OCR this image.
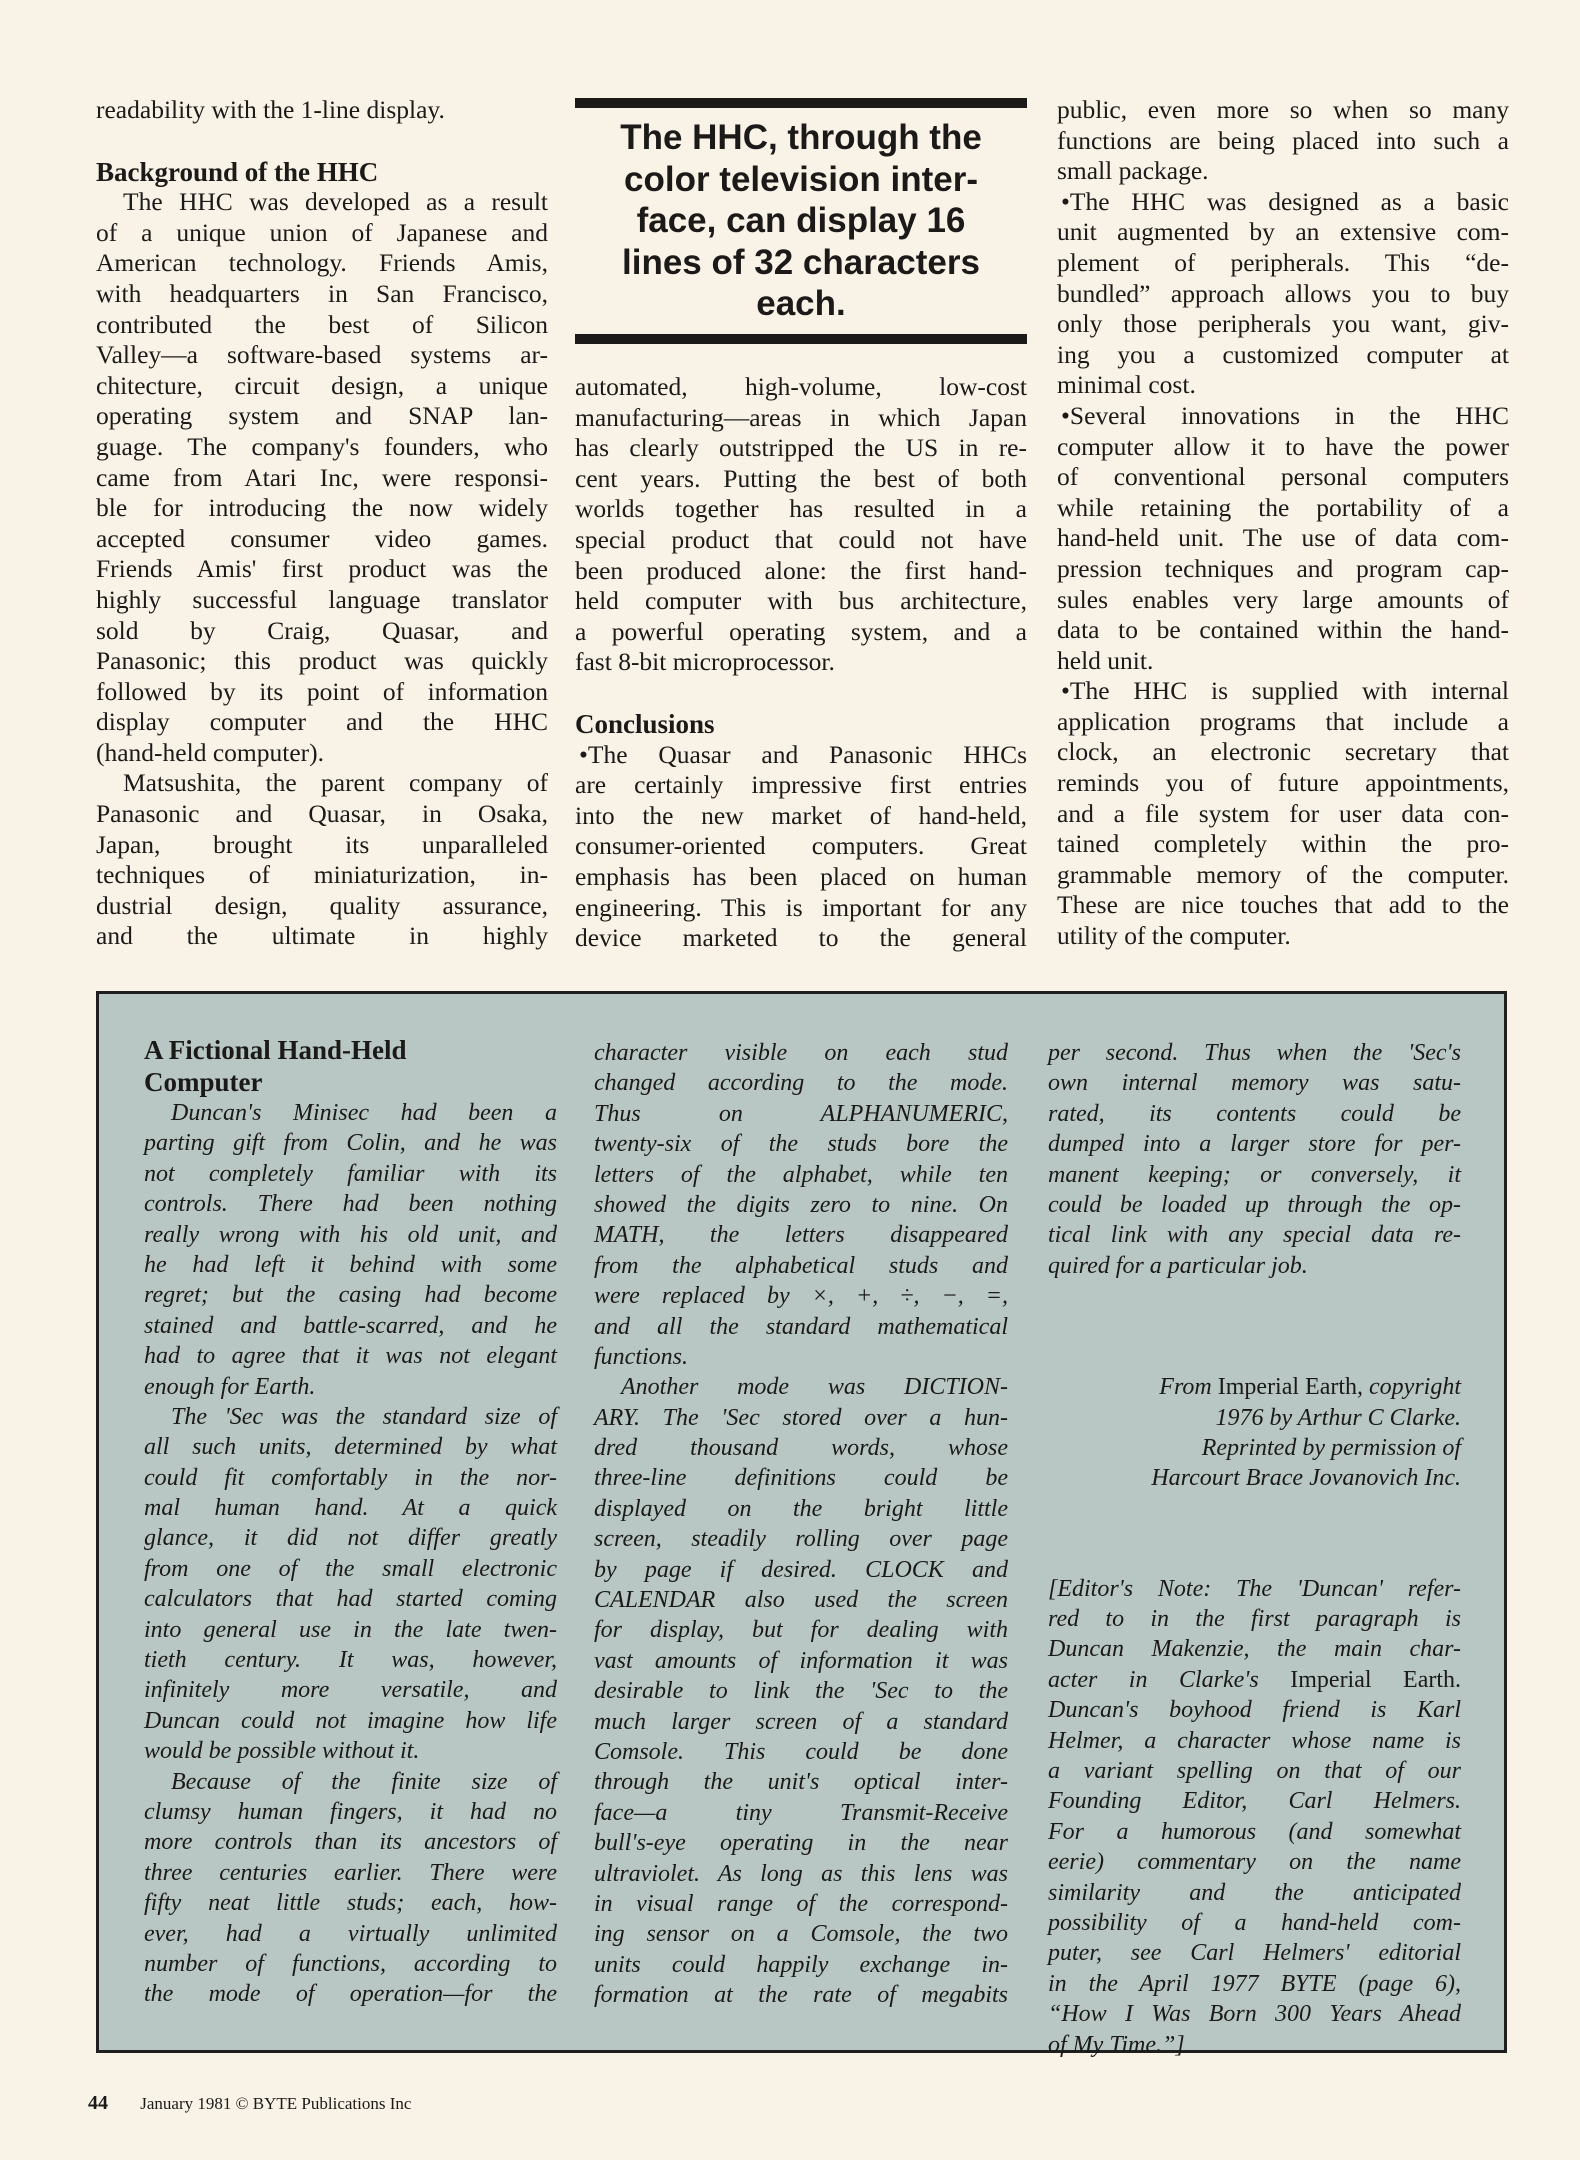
readability with the 1-line display.
Background of the HHC
The HHC was developed as a result
of a unique union of Japanese and
American technology. Friends Amis,
with headquarters in San Francisco,
contributed the best of Silicon
Valley—a software-based systems ar-
chitecture, circuit design, a unique
operating system and SNAP lan-
guage. The company's founders, who
came from Atari Inc, were responsi-
ble for introducing the now widely
accepted consumer video games.
Friends Amis' first product was the
highly successful language translator
sold by Craig, Quasar, and
Panasonic; this product was quickly
followed by its point of information
display computer and the HHC
(hand-held computer).
Matsushita, the parent company of
Panasonic and Quasar, in Osaka,
Japan, brought its unparalleled
techniques of miniaturization, in-
dustrial design, quality assurance,
and the ultimate in highly
The HHC, through the
color television inter-
face, can display 16
lines of 32 characters
each.
automated, high-volume, low-cost
manufacturing—areas in which Japan
has clearly outstripped the US in re-
cent years. Putting the best of both
worlds together has resulted in a
special product that could not have
been produced alone: the first hand-
held computer with bus architecture,
a powerful operating system, and a
fast 8-bit microprocessor.
Conclusions
•The Quasar and Panasonic HHCs
are certainly impressive first entries
into the new market of hand-held,
consumer-oriented computers. Great
emphasis has been placed on human
engineering. This is important for any
device marketed to the general
public, even more so when so many
functions are being placed into such a
small package.
•The HHC was designed as a basic
unit augmented by an extensive com-
plement of peripherals. This “de-
bundled” approach allows you to buy
only those peripherals you want, giv-
ing you a customized computer at
minimal cost.
•Several innovations in the HHC
computer allow it to have the power
of conventional personal computers
while retaining the portability of a
hand-held unit. The use of data com-
pression techniques and program cap-
sules enables very large amounts of
data to be contained within the hand-
held unit.
•The HHC is supplied with internal
application programs that include a
clock, an electronic secretary that
reminds you of future appointments,
and a file system for user data con-
tained completely within the pro-
grammable memory of the computer.
These are nice touches that add to the
utility of the computer.
A Fictional Hand-Held
Computer
Duncan's Minisec had been a
parting gift from Colin, and he was
not completely familiar with its
controls. There had been nothing
really wrong with his old unit, and
he had left it behind with some
regret; but the casing had become
stained and battle-scarred, and he
had to agree that it was not elegant
enough for Earth.
The 'Sec was the standard size of
all such units, determined by what
could fit comfortably in the nor-
mal human hand. At a quick
glance, it did not differ greatly
from one of the small electronic
calculators that had started coming
into general use in the late twen-
tieth century. It was, however,
infinitely more versatile, and
Duncan could not imagine how life
would be possible without it.
Because of the finite size of
clumsy human fingers, it had no
more controls than its ancestors of
three centuries earlier. There were
fifty neat little studs; each, how-
ever, had a virtually unlimited
number of functions, according to
the mode of operation—for the
character visible on each stud
changed according to the mode.
Thus on ALPHANUMERIC,
twenty-six of the studs bore the
letters of the alphabet, while ten
showed the digits zero to nine. On
MATH, the letters disappeared
from the alphabetical studs and
were replaced by ×, +, ÷, −, =,
and all the standard mathematical
functions.
Another mode was DICTION-
ARY. The 'Sec stored over a hun-
dred thousand words, whose
three-line definitions could be
displayed on the bright little
screen, steadily rolling over page
by page if desired. CLOCK and
CALENDAR also used the screen
for display, but for dealing with
vast amounts of information it was
desirable to link the 'Sec to the
much larger screen of a standard
Comsole. This could be done
through the unit's optical inter-
face—a tiny Transmit-Receive
bull's-eye operating in the near
ultraviolet. As long as this lens was
in visual range of the correspond-
ing sensor on a Comsole, the two
units could happily exchange in-
formation at the rate of megabits
per second. Thus when the 'Sec's
own internal memory was satu-
rated, its contents could be
dumped into a larger store for per-
manent keeping; or conversely, it
could be loaded up through the op-
tical link with any special data re-
quired for a particular job.
From Imperial Earth, copyright
1976 by Arthur C Clarke.
Reprinted by permission of
Harcourt Brace Jovanovich Inc.
[Editor's Note: The 'Duncan' refer-
red to in the first paragraph is
Duncan Makenzie, the main char-
acter in Clarke's Imperial Earth.
Duncan's boyhood friend is Karl
Helmer, a character whose name is
a variant spelling on that of our
Founding Editor, Carl Helmers.
For a humorous (and somewhat
eerie) commentary on the name
similarity and the anticipated
possibility of a hand-held com-
puter, see Carl Helmers' editorial
in the April 1977 BYTE (page 6),
“How I Was Born 300 Years Ahead
of My Time.”]
44 January 1981 © BYTE Publications Inc
